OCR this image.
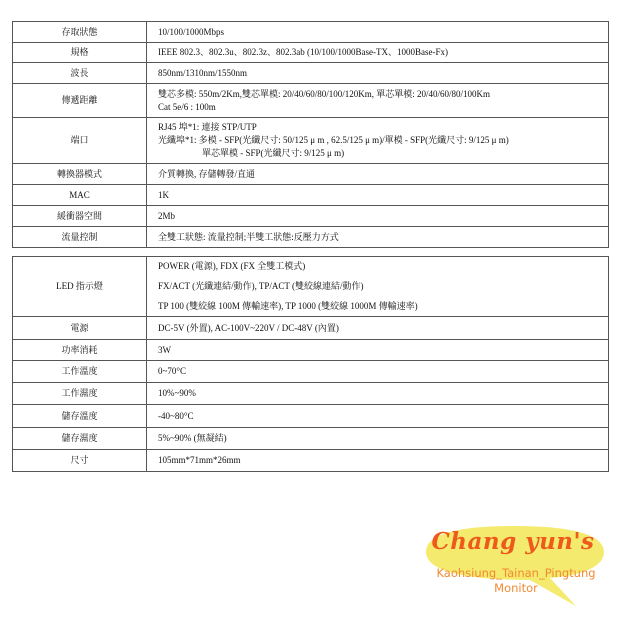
存取狀態	10/100/1000Mbps

規格	IEEE 802.3、802.3u、802.3z、802.3ab (10/100/1000Base-TX、1000Base-Fx)

波長	850nm/1310nm/1550nm

傳遞距離	雙芯多模: 550m/2Km,雙芯單模: 20/40/60/80/100/120Km, 單芯單模: 20/40/60/80/100Km
Cat 5e/6 : 100m

端口	RJ45 埠*1: 連接 STP/UTP
光纖埠*1: 多模 - SFP(光纖尺寸: 50/125 μ m , 62.5/125 μ m)/單模 - SFP(光纖尺寸: 9/125 μ m)
單芯單模 - SFP(光纖尺寸: 9/125 μ m)

轉換器模式	介質轉換, 存儲轉發/直通

MAC	1K

緩衝器空間	2Mb

流量控制	全雙工狀態: 流量控制;半雙工狀態:反壓力方式
LED 指示燈	POWER (電源), FDX (FX 全雙工模式)
FX/ACT (光纖連結/動作), TP/ACT (雙絞線連結/動作)
TP 100 (雙絞線 100M 傳輸速率), TP 1000 (雙絞線 1000M 傳輸速率)

電源	DC-5V (外置), AC-100V~220V / DC-48V (內置)

功率消耗	3W

工作溫度	0~70°C

工作濕度	10%~90%

儲存溫度	-40~80°C

儲存濕度	5%~90% (無凝結)

尺寸	105mm*71mm*26mm
Chang yun's
Kaohsiung_Tainan_Pingtung
Monitor
